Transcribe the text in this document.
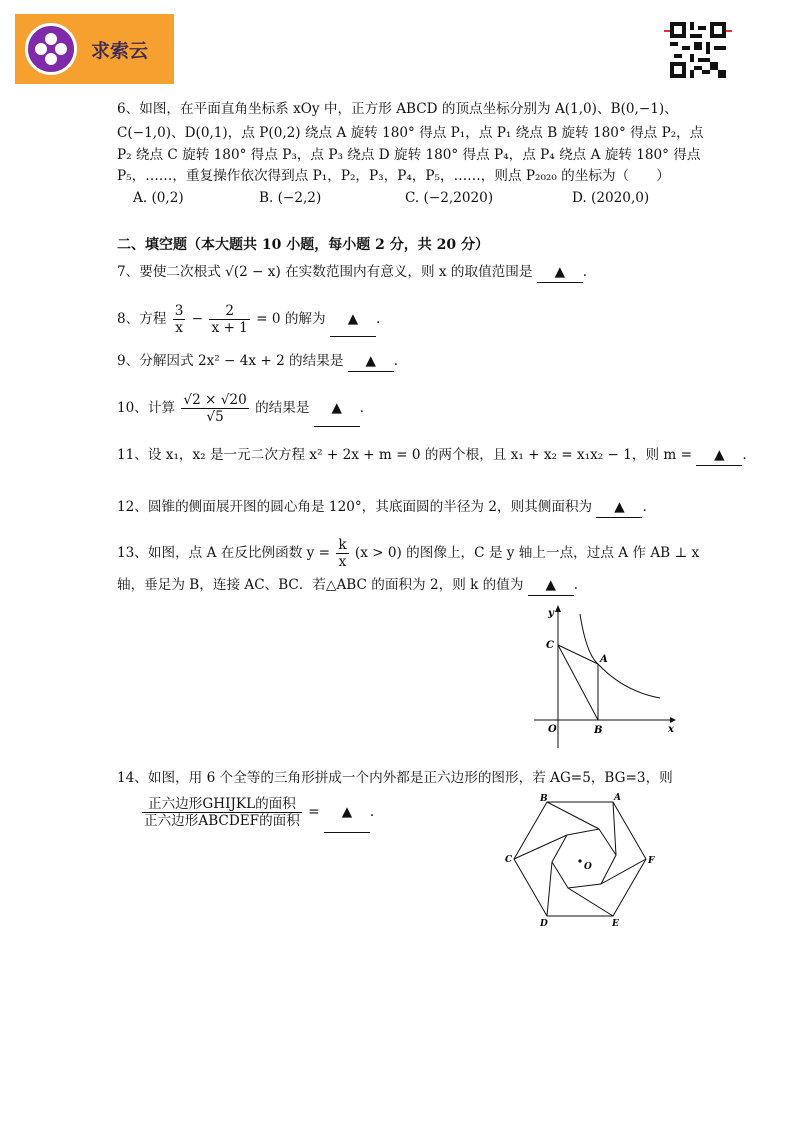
求索云
6、如图，在平面直角坐标系 xOy 中，正方形 ABCD 的顶点坐标分别为 A(1,0)、B(0,−1)、
C(−1,0)、D(0,1)，点 P(0,2) 绕点 A 旋转 180° 得点 P₁，点 P₁ 绕点 B 旋转 180° 得点 P₂，点
P₂ 绕点 C 旋转 180° 得点 P₃，点 P₃ 绕点 D 旋转 180° 得点 P₄，点 P₄ 绕点 A 旋转 180° 得点
P₅，……，重复操作依次得到点 P₁，P₂，P₃，P₄，P₅，……，则点 P₂₀₂₀ 的坐标为（　　）
A. (0,2)	B. (−2,2)	C. (−2,2020)	D. (2020,0)
二、填空题（本大题共 10 小题，每小题 2 分，共 20 分）
7、要使二次根式 √(2 − x) 在实数范围内有意义，则 x 的取值范围是 ▲ .
8、方程 $\frac{3}{x} - \frac{2}{x + 1} = 0$ 的解为 ▲ .
9、分解因式 2x² − 4x + 2 的结果是 ▲ .
10、计算 $\frac{√2 \times √20}{√5}$ 的结果是 ▲ .
11、设 x₁，x₂ 是一元二次方程 x² + 2x + m = 0 的两个根，且 x₁ + x₂ = x₁x₂ − 1，则 m = ▲ .
12、圆锥的侧面展开图的圆心角是 120°，其底面圆的半径为 2，则其侧面积为 ▲ .
13、如图，点 A 在反比例函数 $y = \frac{k}{x} (x > 0)$ 的图像上，C 是 y 轴上一点，过点 A 作 AB ⊥ x
轴，垂足为 B，连接 AC、BC．若△ABC 的面积为 2，则 k 的值为 ▲ .
y
x
C
A
O	B
14、如图，用 6 个全等的三角形拼成一个内外都是正六边形的图形，若 AG=5，BG=3，则
$\frac{\text{正六边形GHIJKL的面积}}{\text{正六边形ABCDEF的面积}}$ = ▲ .
B	A
C	F
D	E
O
